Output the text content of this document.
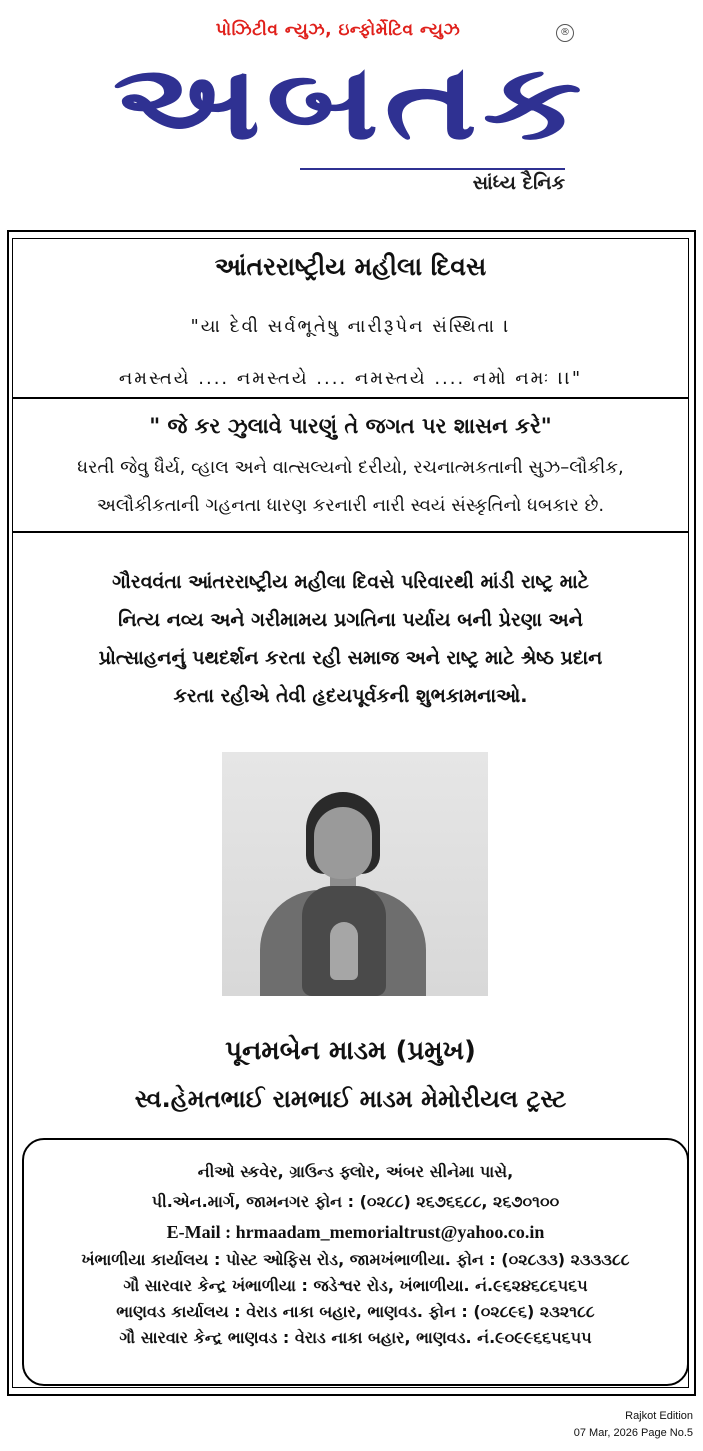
પોઝિટીવ ન્યુઝ, ઇન્ફોર્મેટિવ ન્યુઝ	®
અબતક
સાંધ્ય દૈનિક
આંતરરાષ્ટ્રીય મહીલા દિવસ
"યા દેવી સર્વભૂતેષુ નારીરૂપેન સંસ્થિતા ।
નમસ્તયે .... નમસ્તયે .... નમસ્તયે .... નમો નમઃ ।।"
" જે કર ઝુલાવે પારણું તે જગત પર શાસન કરે"
ધરતી જેવુ ધૈર્ય, વ્હાલ અને વાત્સલ્યનો દરીયો, રચનાત્મકતાની સુઝ–લૌકીક,
અલૌકીકતાની ગહનતા ધારણ કરનારી નારી સ્વયં સંસ્કૃતિનો ધબકાર છે.
ગૌરવવંતા આંતરરાષ્ટ્રીય મહીલા દિવસે પરિવારથી માંડી રાષ્ટ્ર માટે
નિત્ય નવ્ય અને ગરીમામય પ્રગતિના પર્યાય બની પ્રેરણા અને
પ્રોત્સાહનનું પથદર્શન કરતા રહી સમાજ અને રાષ્ટ્ર માટે શ્રેષ્ઠ પ્રદાન
કરતા રહીએ તેવી હૃદયપૂર્વકની શુભકામનાઓ.
પૂનમબેન માડમ (પ્રમુખ)
સ્વ.હેમતભાઈ રામભાઈ માડમ મેમોરીયલ ટ્રસ્ટ
નીઓ સ્કવેર, ગ્રાઉન્ડ ફ્લોર, અંબર સીનેમા પાસે,
પી.એન.માર્ગ, જામનગર ફોન : (૦૨૮૮) ૨૬૭૬૬૮૮, ૨૬૭૦૧૦૦
E-Mail : hrmaadam_memorialtrust@yahoo.co.in
ખંભાળીયા કાર્યાલય : પોસ્ટ ઓફિસ રોડ, જામખંભાળીયા. ફોન : (૦૨૮૩૩) ૨૩૩૩૮૮
ગૌ સારવાર કેન્દ્ર ખંભાળીયા : જડેશ્વર રોડ, ખંભાળીયા. નં.૯૬૨૪૬૮૬૫૬૫
ભાણવડ કાર્યાલય : વેરાડ નાકા બહાર, ભાણવડ. ફોન : (૦૨૮૯૬) ૨૩૨૧૮૮
ગૌ સારવાર કેન્દ્ર ભાણવડ : વેરાડ નાકા બહાર, ભાણવડ. નં.૯૦૯૯૬૬૫૬૫૫
Rajkot Edition
07 Mar, 2026 Page No.5
